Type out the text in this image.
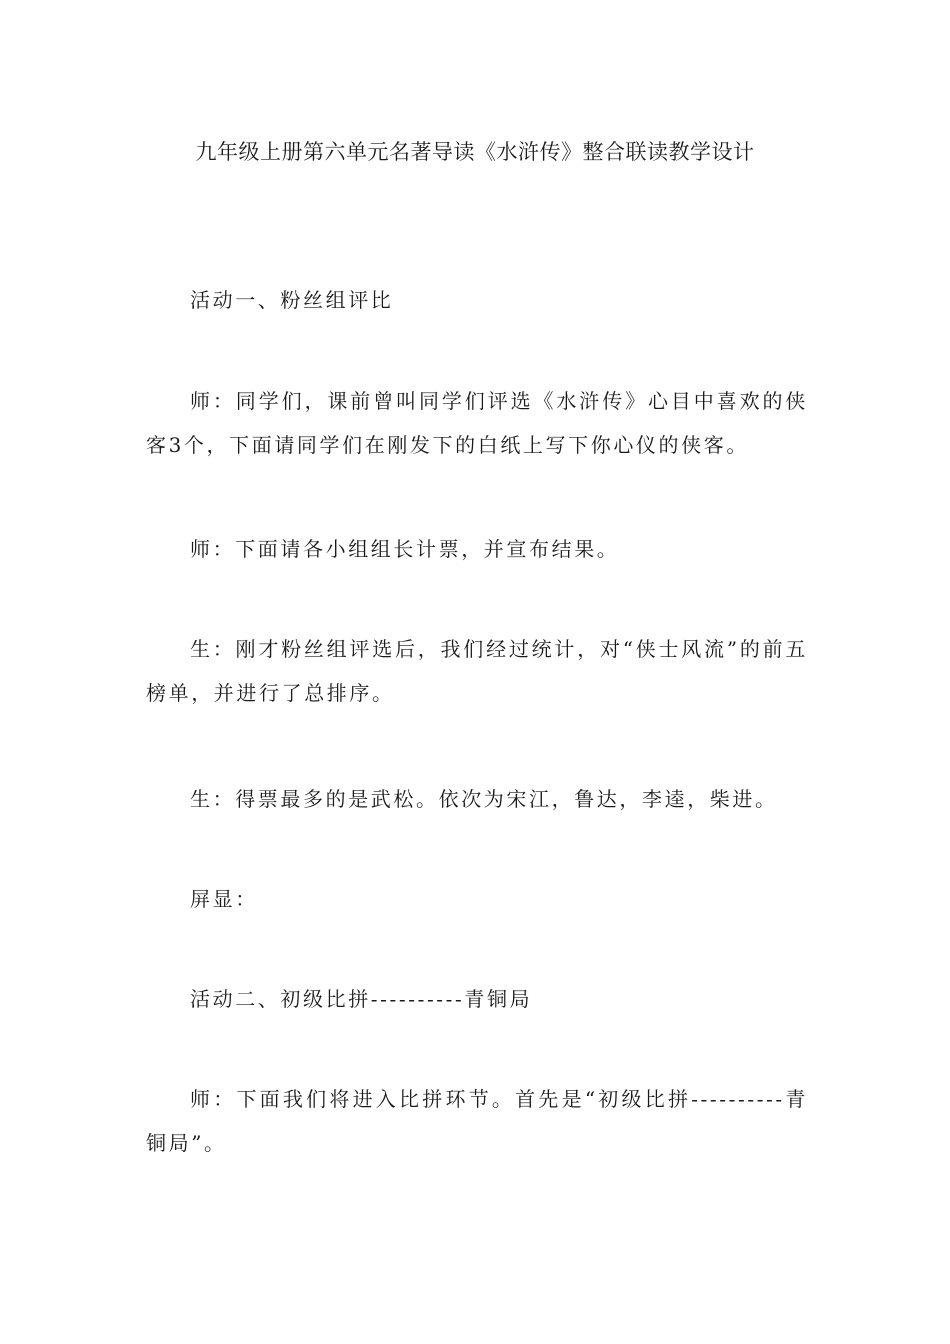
九年级上册第六单元名著导读《水浒传》整合联读教学设计

活动一、粉丝组评比

师：同学们，课前曾叫同学们评选《水浒传》心目中喜欢的侠客3个，下面请同学们在刚发下的白纸上写下你心仪的侠客。

师：下面请各小组组长计票，并宣布结果。

生：刚才粉丝组评选后，我们经过统计，对“侠士风流”的前五榜单，并进行了总排序。

生：得票最多的是武松。依次为宋江，鲁达，李逵，柴进。

屏显：

活动二、初级比拼----------青铜局

师：下面我们将进入比拼环节。首先是“初级比拼----------青铜局”。
